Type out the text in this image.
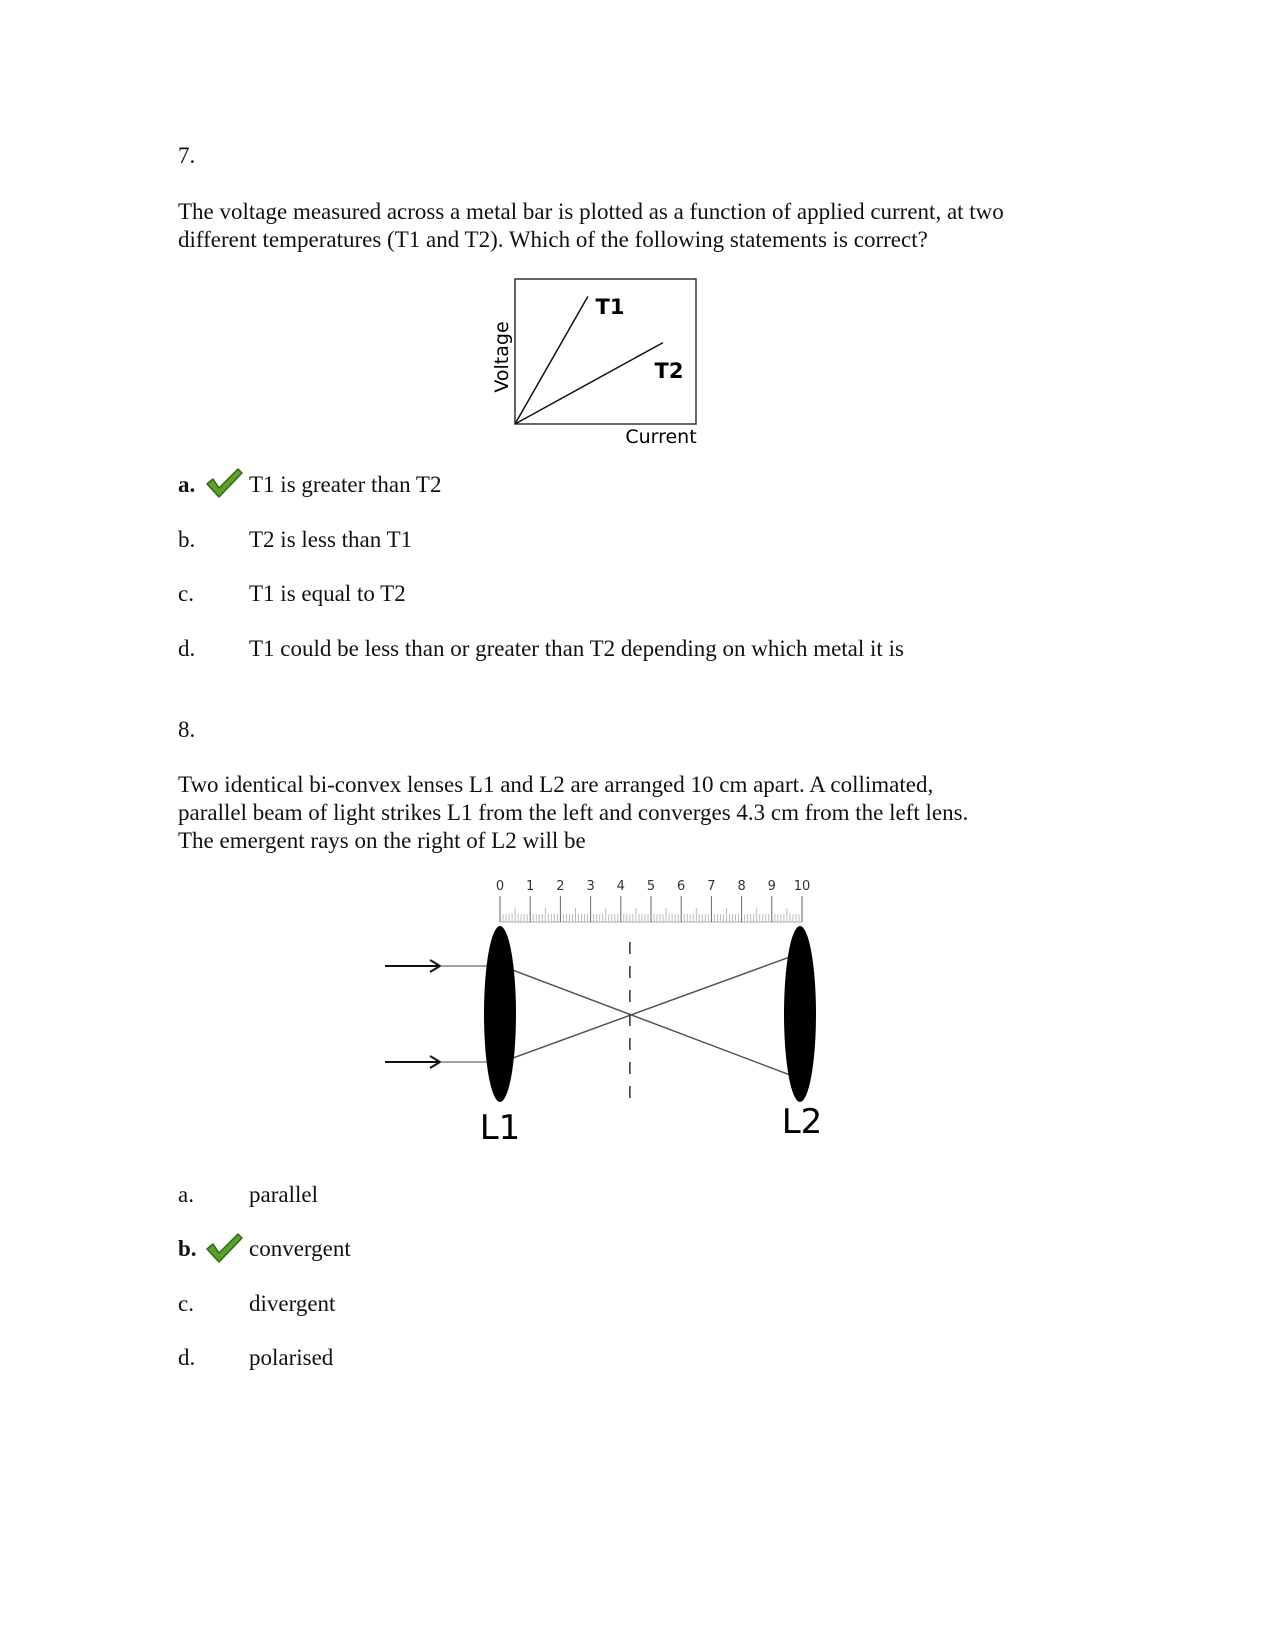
7.
The voltage measured across a metal bar is plotted as a function of applied current, at two
different temperatures (T1 and T2). Which of the following statements is correct?
T1
T2
Current
Voltage
a. T1 is greater than T2
b. T2 is less than T1
c. T1 is equal to T2
d. T1 could be less than or greater than T2 depending on which metal it is
8.
Two identical bi-convex lenses L1 and L2 are arranged 10 cm apart. A collimated,
parallel beam of light strikes L1 from the left and converges 4.3 cm from the left lens.
The emergent rays on the right of L2 will be
0 1 2 3 4 5 6 7 8 9 10
L1	L2
a. parallel
b. convergent
c. divergent
d. polarised
